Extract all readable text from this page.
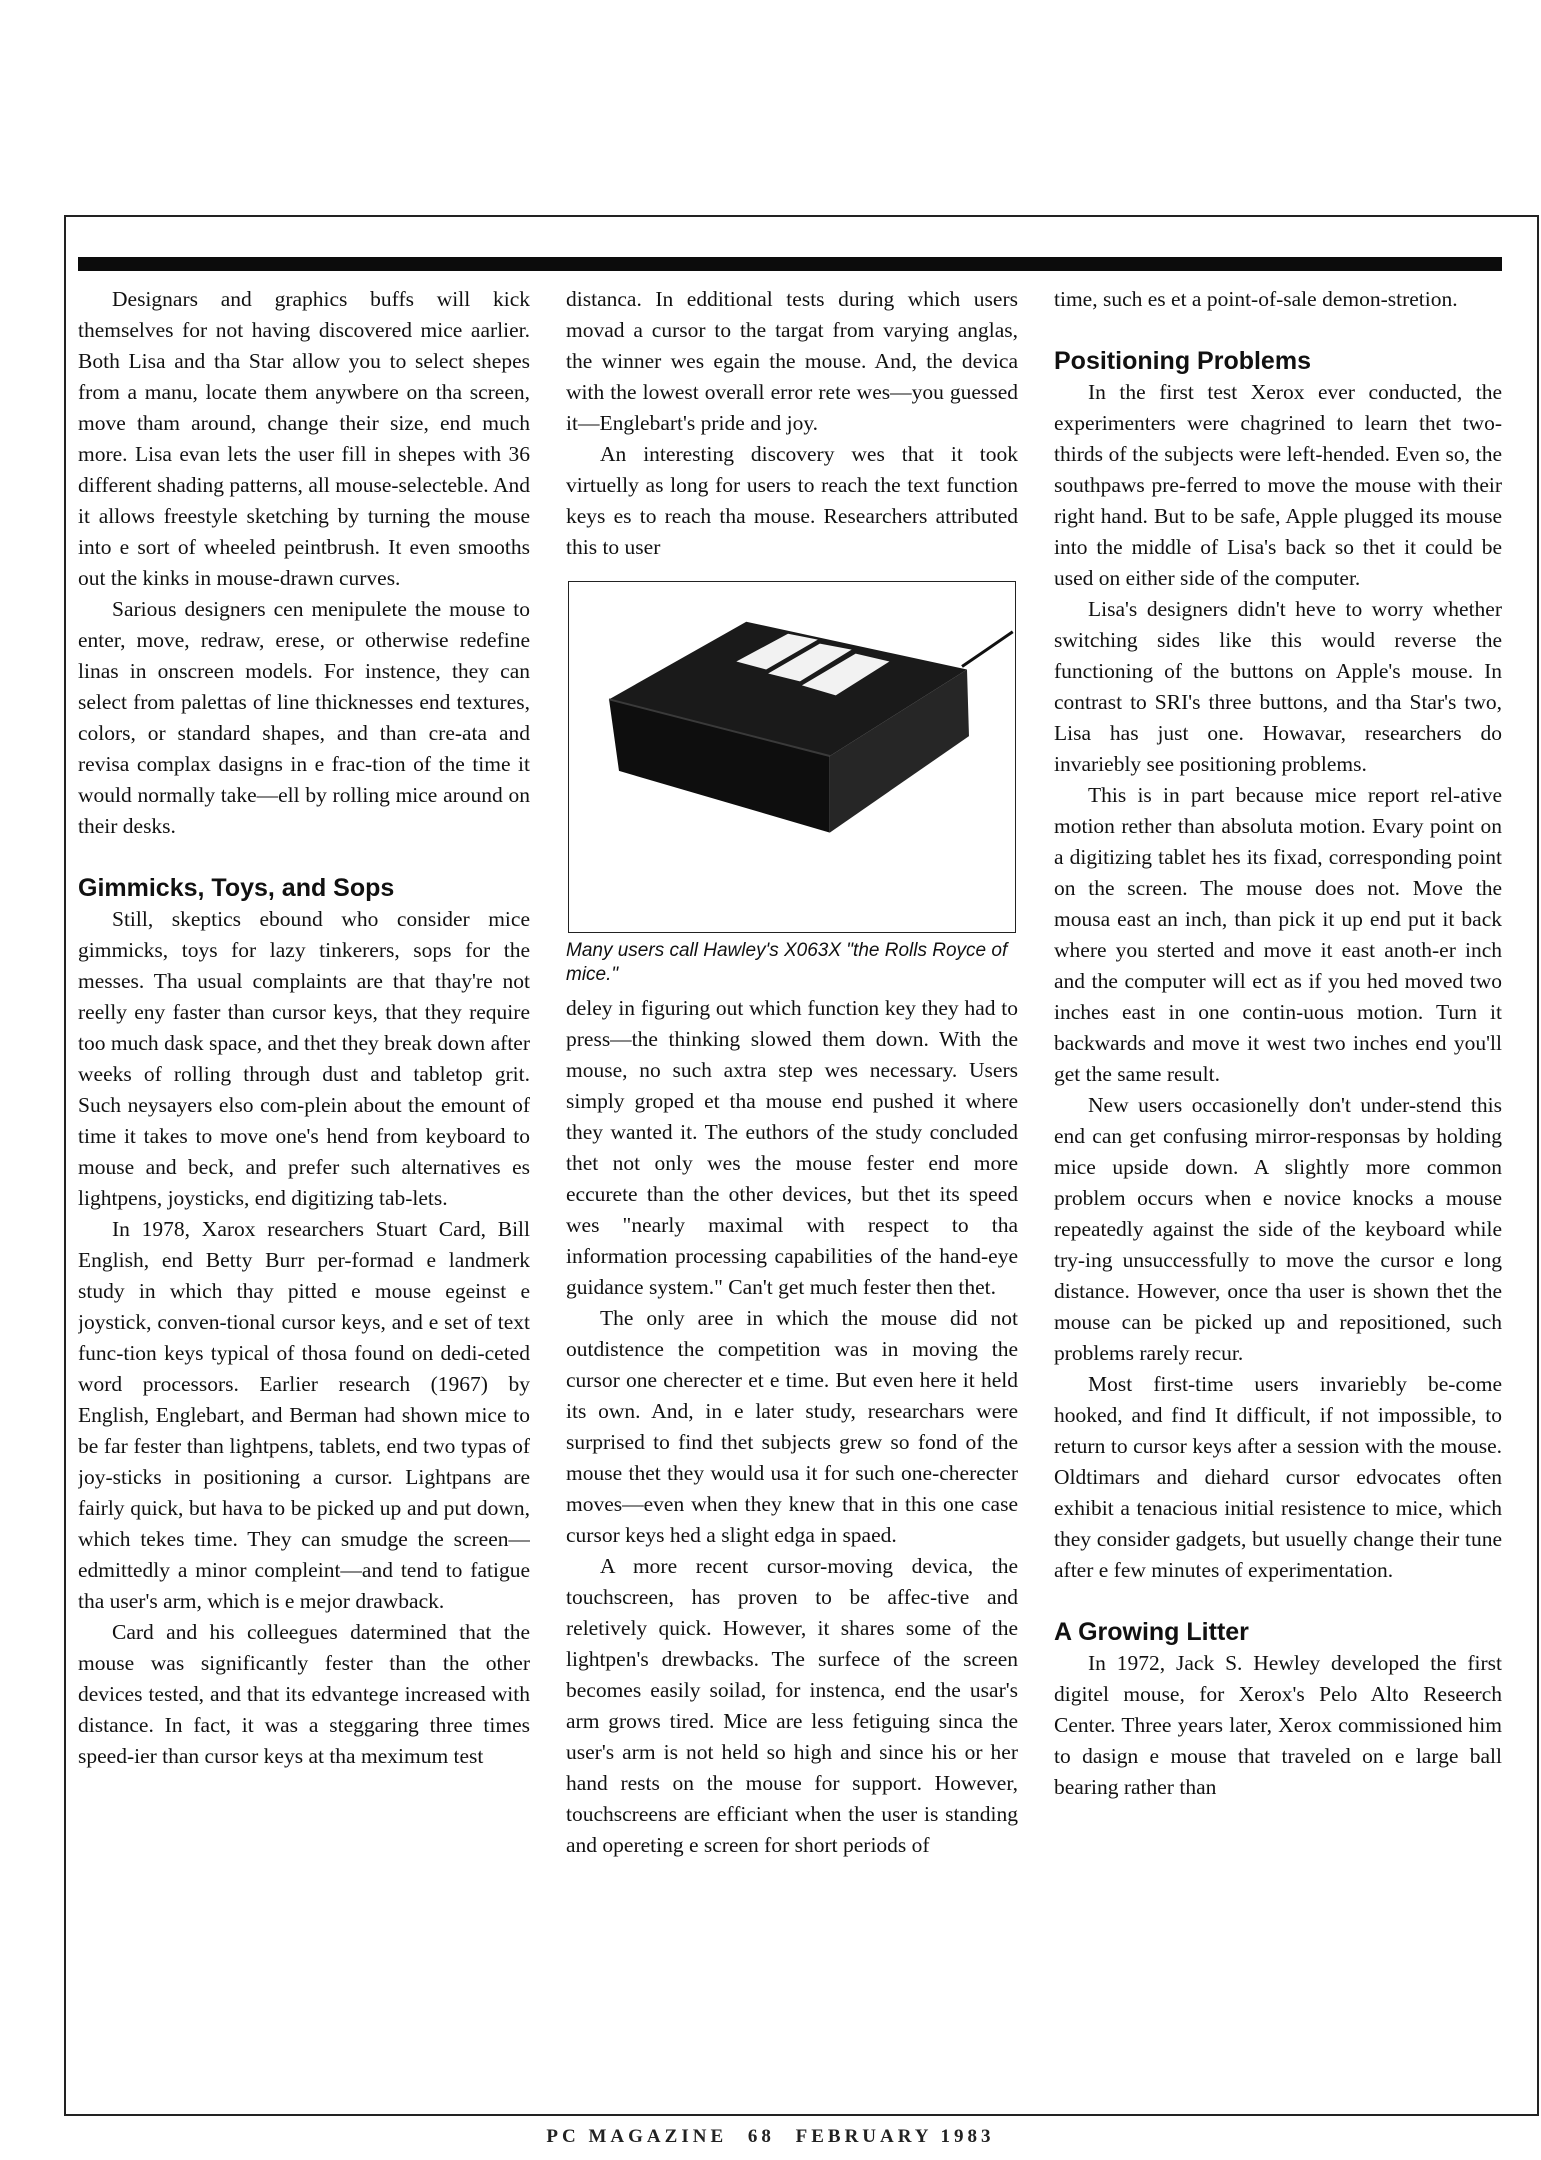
Designars and graphics buffs will kick themselves for not having discovered mice aarlier. Both Lisa and tha Star allow you to select shepes from a manu, locate them anywbere on tha screen, move tham around, change their size, end much more. Lisa evan lets the user fill in shepes with 36 different shading patterns, all mouse-selecteble. And it allows freestyle sketching by turning the mouse into e sort of wheeled peintbrush. It even smooths out the kinks in mouse-drawn curves.

Sarious designers cen menipulete the mouse to enter, move, redraw, erese, or otherwise redefine linas in onscreen models. For instence, they can select from palettas of line thicknesses end textures, colors, or standard shapes, and than cre-ata and revisa complax dasigns in e frac-tion of the time it would normally take—ell by rolling mice around on their desks.

Gimmicks, Toys, and Sops

Still, skeptics ebound who consider mice gimmicks, toys for lazy tinkerers, sops for the messes. Tha usual complaints are that thay're not reelly eny faster than cursor keys, that they require too much dask space, and thet they break down after weeks of rolling through dust and tabletop grit. Such neysayers elso com-plein about the emount of time it takes to move one's hend from keyboard to mouse and beck, and prefer such alternatives es lightpens, joysticks, end digitizing tab-lets.

In 1978, Xarox researchers Stuart Card, Bill English, end Betty Burr per-formad e landmerk study in which thay pitted e mouse egeinst e joystick, conven-tional cursor keys, and e set of text func-tion keys typical of thosa found on dedi-ceted word processors. Earlier research (1967) by English, Englebart, and Berman had shown mice to be far fester than lightpens, tablets, end two typas of joy-sticks in positioning a cursor. Lightpans are fairly quick, but hava to be picked up and put down, which tekes time. They can smudge the screen—edmittedly a minor compleint—and tend to fatigue tha user's arm, which is e mejor drawback.

Card and his colleegues datermined that the mouse was significantly fester than the other devices tested, and that its edvantege increased with distance. In fact, it was a steggaring three times speed-ier than cursor keys at tha meximum test

distanca. In edditional tests during which users movad a cursor to the targat from varying anglas, the winner wes egain the mouse. And, the devica with the lowest overall error rete wes—you guessed it—Englebart's pride and joy.

An interesting discovery wes that it took virtuelly as long for users to reach the text function keys es to reach tha mouse. Researchers attributed this to user

Many users call Hawley's X063X "the Rolls Royce of mice."

deley in figuring out which function key they had to press—the thinking slowed them down. With the mouse, no such axtra step wes necessary. Users simply groped et tha mouse end pushed it where they wanted it. The euthors of the study concluded thet not only wes the mouse fester end more eccurete than the other devices, but thet its speed wes "nearly maximal with respect to tha information processing capabilities of the hand-eye guidance system." Can't get much fester then thet.

The only aree in which the mouse did not outdistence the competition was in moving the cursor one cherecter et e time. But even here it held its own. And, in e later study, researchars were surprised to find thet subjects grew so fond of the mouse thet they would usa it for such one-cherecter moves—even when they knew that in this one case cursor keys hed a slight edga in spaed.

A more recent cursor-moving devica, the touchscreen, has proven to be affec-tive and reletively quick. However, it shares some of the lightpen's drewbacks. The surfece of the screen becomes easily soilad, for instenca, end the usar's arm grows tired. Mice are less fetiguing sinca the user's arm is not held so high and since his or her hand rests on the mouse for support. However, touchscreens are efficiant when the user is standing and opereting e screen for short periods of

time, such es et a point-of-sale demon-stretion.

Positioning Problems

In the first test Xerox ever conducted, the experimenters were chagrined to learn thet two-thirds of the subjects were left-hended. Even so, the southpaws pre-ferred to move the mouse with their right hand. But to be safe, Apple plugged its mouse into the middle of Lisa's back so thet it could be used on either side of the computer.

Lisa's designers didn't heve to worry whether switching sides like this would reverse the functioning of the buttons on Apple's mouse. In contrast to SRI's three buttons, and tha Star's two, Lisa has just one. Howavar, researchers do invariebly see positioning problems.

This is in part because mice report rel-ative motion rether than absoluta motion. Evary point on a digitizing tablet hes its fixad, corresponding point on the screen. The mouse does not. Move the mousa east an inch, than pick it up end put it back where you sterted and move it east anoth-er inch and the computer will ect as if you hed moved two inches east in one contin-uous motion. Turn it backwards and move it west two inches end you'll get the same result.

New users occasionelly don't under-stend this end can get confusing mirror-responsas by holding mice upside down. A slightly more common problem occurs when e novice knocks a mouse repeatedly against the side of the keyboard while try-ing unsuccessfully to move the cursor e long distance. However, once tha user is shown thet the mouse can be picked up and repositioned, such problems rarely recur.

Most first-time users invariebly be-come hooked, and find It difficult, if not impossible, to return to cursor keys after a session with the mouse. Oldtimars and diehard cursor edvocates often exhibit a tenacious initial resistence to mice, which they consider gadgets, but usuelly change their tune after e few minutes of experimentation.

A Growing Litter

In 1972, Jack S. Hewley developed the first digitel mouse, for Xerox's Pelo Alto Reseerch Center. Three years later, Xerox commissioned him to dasign e mouse that traveled on e large ball bearing rather than

PC MAGAZINE 68 FEBRUARY 1983
